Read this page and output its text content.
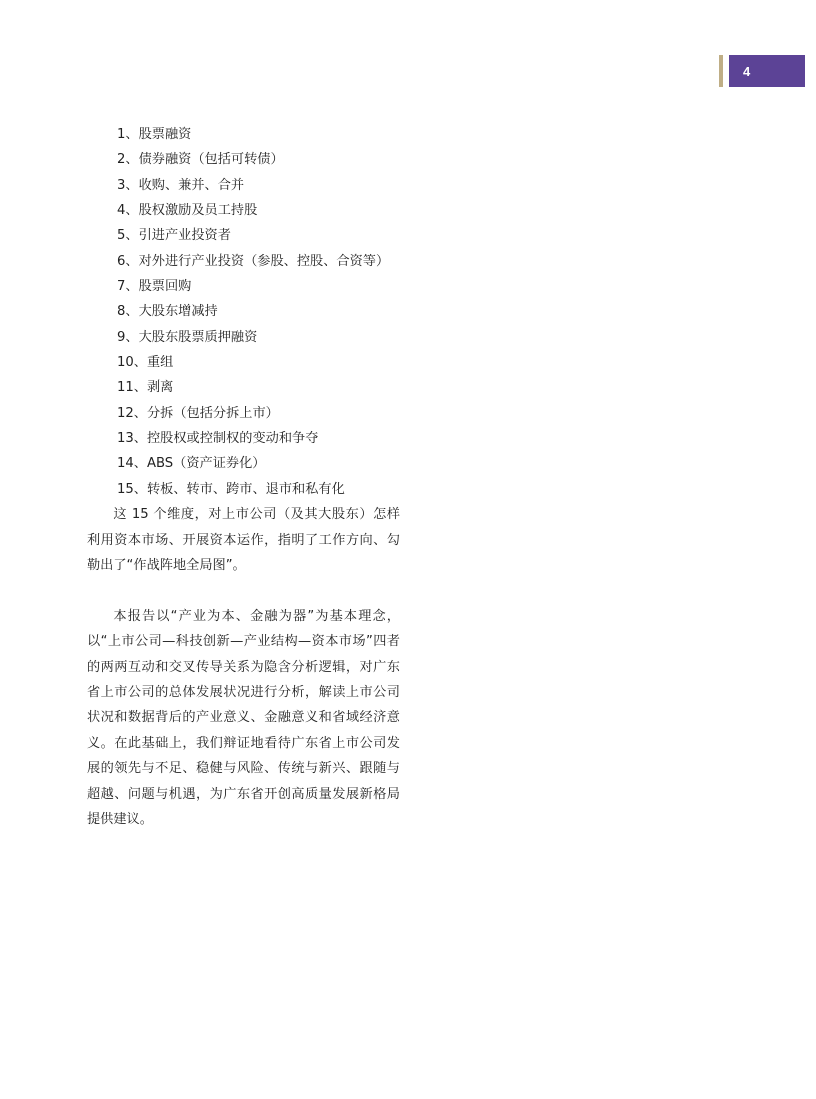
4
1、股票融资
2、债券融资（包括可转债）
3、收购、兼并、合并
4、股权激励及员工持股
5、引进产业投资者
6、对外进行产业投资（参股、控股、合资等）
7、股票回购
8、大股东增减持
9、大股东股票质押融资
10、重组
11、剥离
12、分拆（包括分拆上市）
13、控股权或控制权的变动和争夺
14、ABS（资产证券化）
15、转板、转市、跨市、退市和私有化

这 15 个维度，对上市公司（及其大股东）怎样利用资本市场、开展资本运作，指明了工作方向、勾勒出了“作战阵地全局图”。

本报告以“产业为本、金融为器”为基本理念，以“上市公司—科技创新—产业结构—资本市场”四者的两两互动和交叉传导关系为隐含分析逻辑，对广东省上市公司的总体发展状况进行分析，解读上市公司状况和数据背后的产业意义、金融意义和省域经济意义。在此基础上，我们辩证地看待广东省上市公司发展的领先与不足、稳健与风险、传统与新兴、跟随与超越、问题与机遇，为广东省开创高质量发展新格局提供建议。
